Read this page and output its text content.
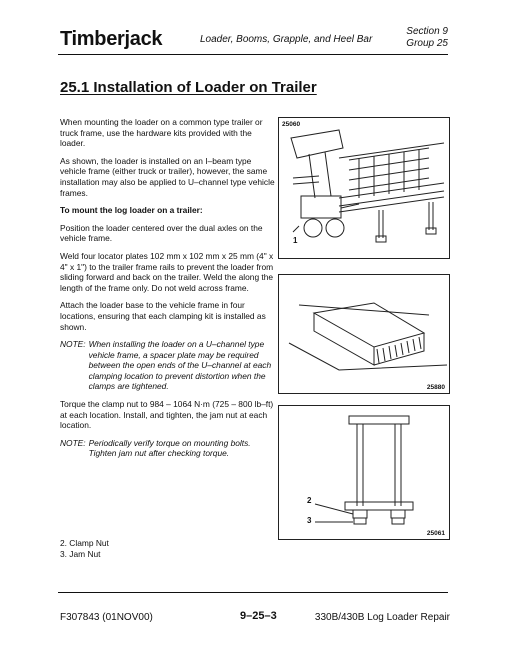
Timberjack	Loader, Booms, Grapple, and Heel Bar
Section 9
Group 25
25.1 Installation of Loader on Trailer

When mounting the loader on a common type trailer or truck frame, use the hardware kits provided with the loader.

As shown, the loader is installed on an I–beam type vehicle frame (either truck or trailer), however, the same installation may also be applied to U–channel type vehicle frames.

To mount the log loader on a trailer:

Position the loader centered over the dual axles on the vehicle frame.

Weld four locator plates 102 mm x 102 mm x 25 mm (4" x 4" x 1") to the trailer frame rails to prevent the loader from sliding forward and back on the trailer. Weld the along the length of the frame only. Do not weld across frame.

Attach the loader base to the vehicle frame in four locations, ensuring that each clamping kit is installed as shown.

NOTE: When installing the loader on a U–channel type vehicle frame, a spacer plate may be required between the open ends of the U–channel at each clamping location to prevent distortion when the clamps are tightened.

Torque the clamp nut to 984 – 1064 N·m (725 – 800 lb–ft) at each location. Install, and tighten, the jam nut at each location.

NOTE: Periodically verify torque on mounting bolts. Tighten jam nut after checking torque.
2. Clamp Nut
3. Jam Nut
25060
1
25880
2
3
25061
F307843 (01NOV00)	9–25–3	330B/430B Log Loader Repair
